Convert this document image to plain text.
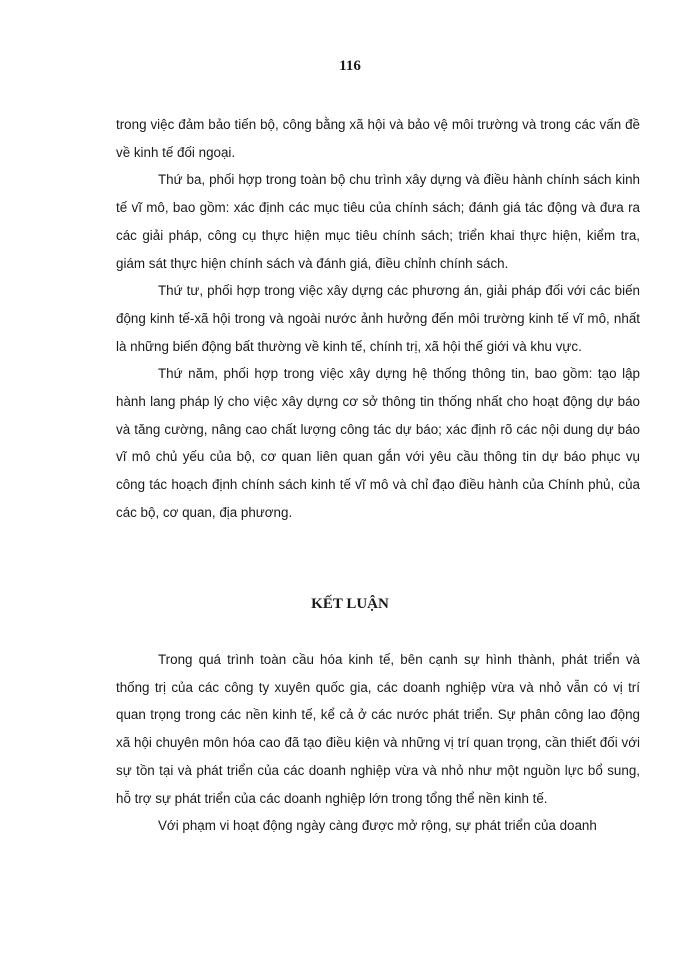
116

trong việc đảm bảo tiến bộ, công bằng xã hội và bảo vệ môi trường và trong các vấn đề về kinh tế đối ngoại.

Thứ ba, phối hợp trong toàn bộ chu trình xây dựng và điều hành chính sách kinh tế vĩ mô, bao gồm: xác định các mục tiêu của chính sách; đánh giá tác động và đưa ra các giải pháp, công cụ thực hiện mục tiêu chính sách; triển khai thực hiện, kiểm tra, giám sát thực hiện chính sách và đánh giá, điều chỉnh chính sách.

Thứ tư, phối hợp trong việc xây dựng các phương án, giải pháp đối với các biến động kinh tế-xã hội trong và ngoài nước ảnh hưởng đến môi trường kinh tế vĩ mô, nhất là những biến động bất thường về kinh tế, chính trị, xã hội thế giới và khu vực.

Thứ năm, phối hợp trong việc xây dựng hệ thống thông tin, bao gồm: tạo lập hành lang pháp lý cho việc xây dựng cơ sở thông tin thống nhất cho hoạt động dự báo và tăng cường, nâng cao chất lượng công tác dự báo; xác định rõ các nội dung dự báo vĩ mô chủ yếu của bộ, cơ quan liên quan gắn với yêu cầu thông tin dự báo phục vụ công tác hoạch định chính sách kinh tế vĩ mô và chỉ đạo điều hành của Chính phủ, của các bộ, cơ quan, địa phương.

KẾT LUẬN

Trong quá trình toàn cầu hóa kinh tế, bên cạnh sự hình thành, phát triển và thống trị của các công ty xuyên quốc gia, các doanh nghiệp vừa và nhỏ vẫn có vị trí quan trọng trong các nền kinh tế, kể cả ở các nước phát triển. Sự phân công lao động xã hội chuyên môn hóa cao đã tạo điều kiện và những vị trí quan trọng, cần thiết đối với sự tồn tại và phát triển của các doanh nghiệp vừa và nhỏ như một nguồn lực bổ sung, hỗ trợ sự phát triển của các doanh nghiệp lớn trong tổng thể nền kinh tế.

Với phạm vi hoạt động ngày càng được mở rộng, sự phát triển của doanh
